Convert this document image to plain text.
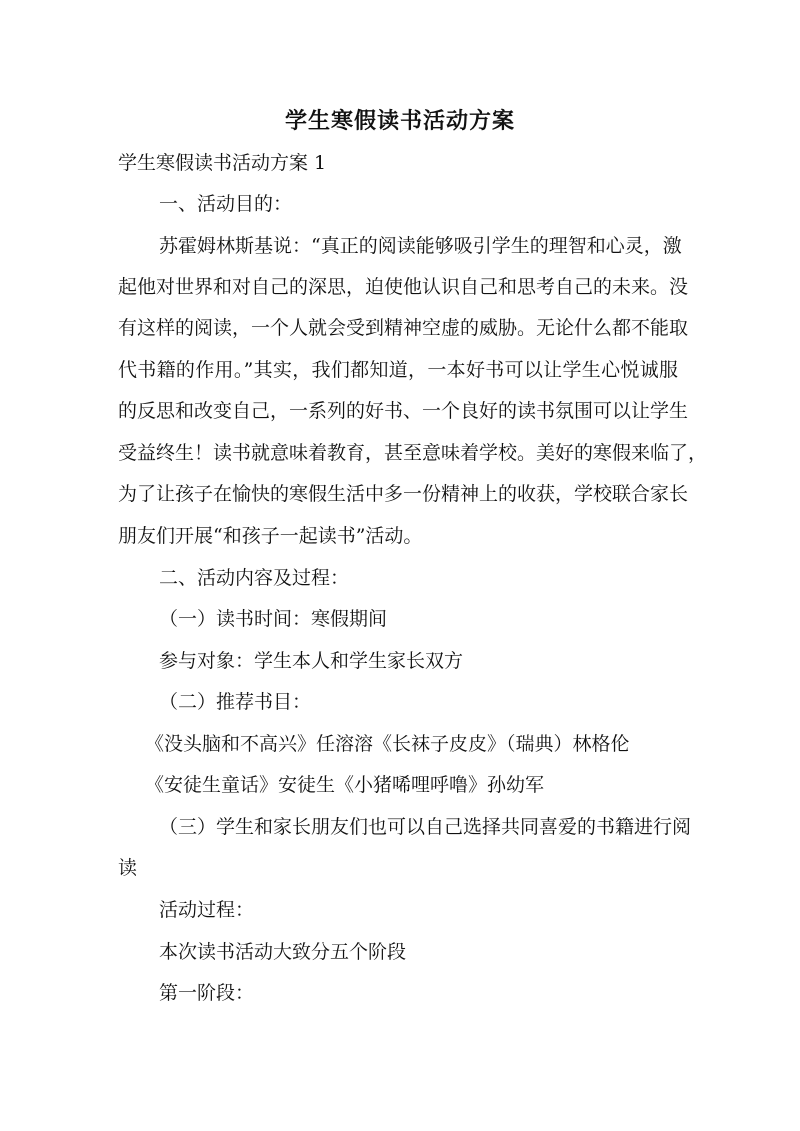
学生寒假读书活动方案
学生寒假读书活动方案 1
一、活动目的：
苏霍姆林斯基说：“真正的阅读能够吸引学生的理智和心灵，激
起他对世界和对自己的深思，迫使他认识自己和思考自己的未来。没
有这样的阅读，一个人就会受到精神空虚的威胁。无论什么都不能取
代书籍的作用。”其实，我们都知道，一本好书可以让学生心悦诚服
的反思和改变自己，一系列的好书、一个良好的读书氛围可以让学生
受益终生！读书就意味着教育，甚至意味着学校。美好的寒假来临了，
为了让孩子在愉快的寒假生活中多一份精神上的收获，学校联合家长
朋友们开展“和孩子一起读书”活动。
二、活动内容及过程：
（一）读书时间：寒假期间
参与对象：学生本人和学生家长双方
（二）推荐书目：
《没头脑和不高兴》任溶溶《长袜子皮皮》（瑞典）林格伦
《安徒生童话》安徒生《小猪唏哩呼噜》孙幼军
（三）学生和家长朋友们也可以自己选择共同喜爱的书籍进行阅
读
活动过程：
本次读书活动大致分五个阶段
第一阶段：
